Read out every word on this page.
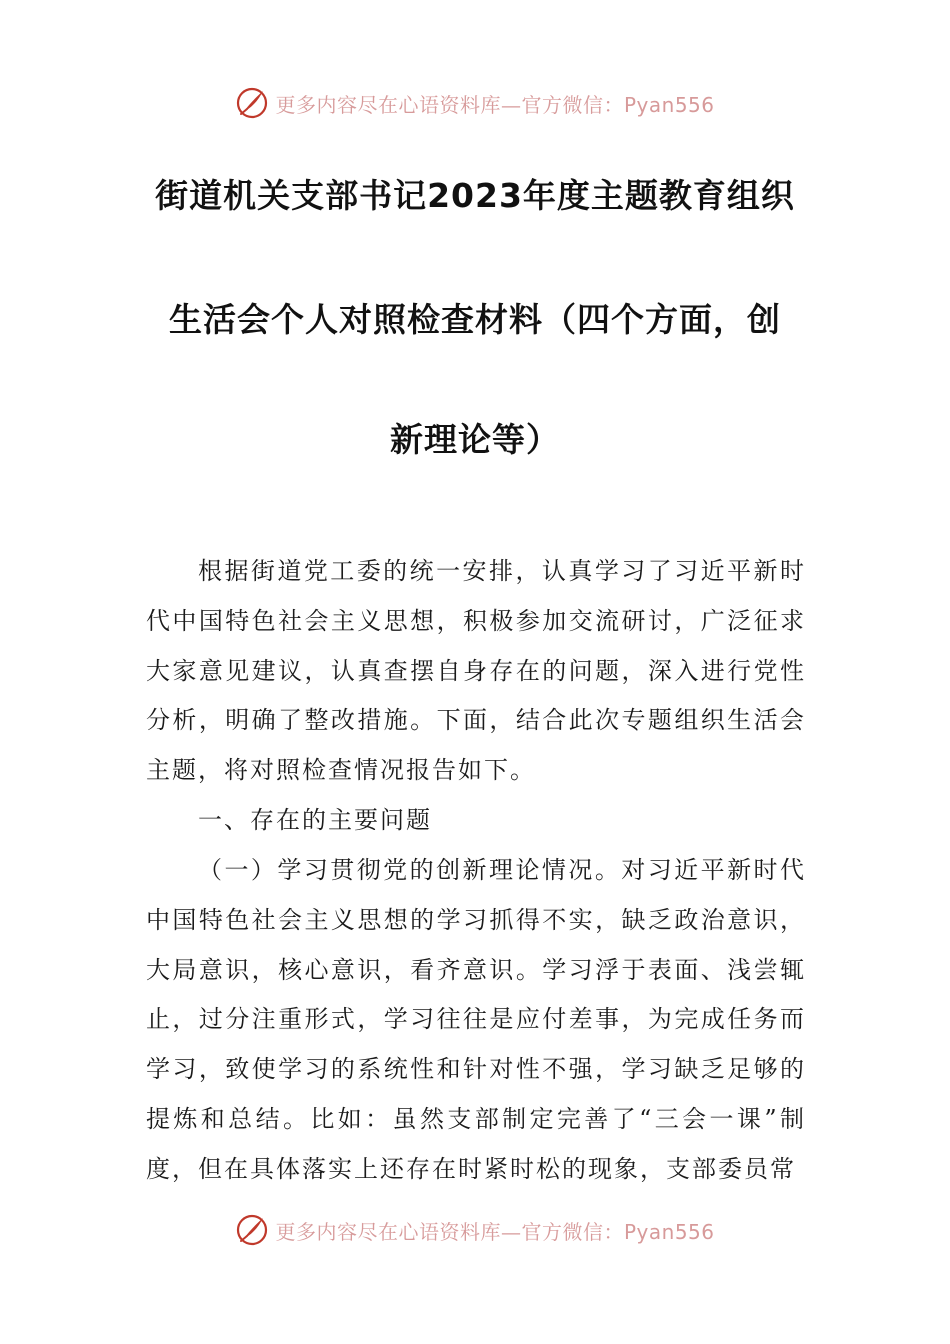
更多内容尽在心语资料库—官方微信：Pyan556
街道机关支部书记2023年度主题教育组织
生活会个人对照检查材料（四个方面，创
新理论等）

根据街道党工委的统一安排，认真学习了习近平新时代中国特色社会主义思想，积极参加交流研讨，广泛征求大家意见建议，认真查摆自身存在的问题，深入进行党性分析，明确了整改措施。下面，结合此次专题组织生活会主题，将对照检查情况报告如下。

一、存在的主要问题

（一）学习贯彻党的创新理论情况。对习近平新时代中国特色社会主义思想的学习抓得不实，缺乏政治意识，大局意识，核心意识，看齐意识。学习浮于表面、浅尝辄止，过分注重形式，学习往往是应付差事，为完成任务而学习，致使学习的系统性和针对性不强，学习缺乏足够的提炼和总结。比如：虽然支部制定完善了“三会一课”制度，但在具体落实上还存在时紧时松的现象，支部委员常

更多内容尽在心语资料库—官方微信：Pyan556
